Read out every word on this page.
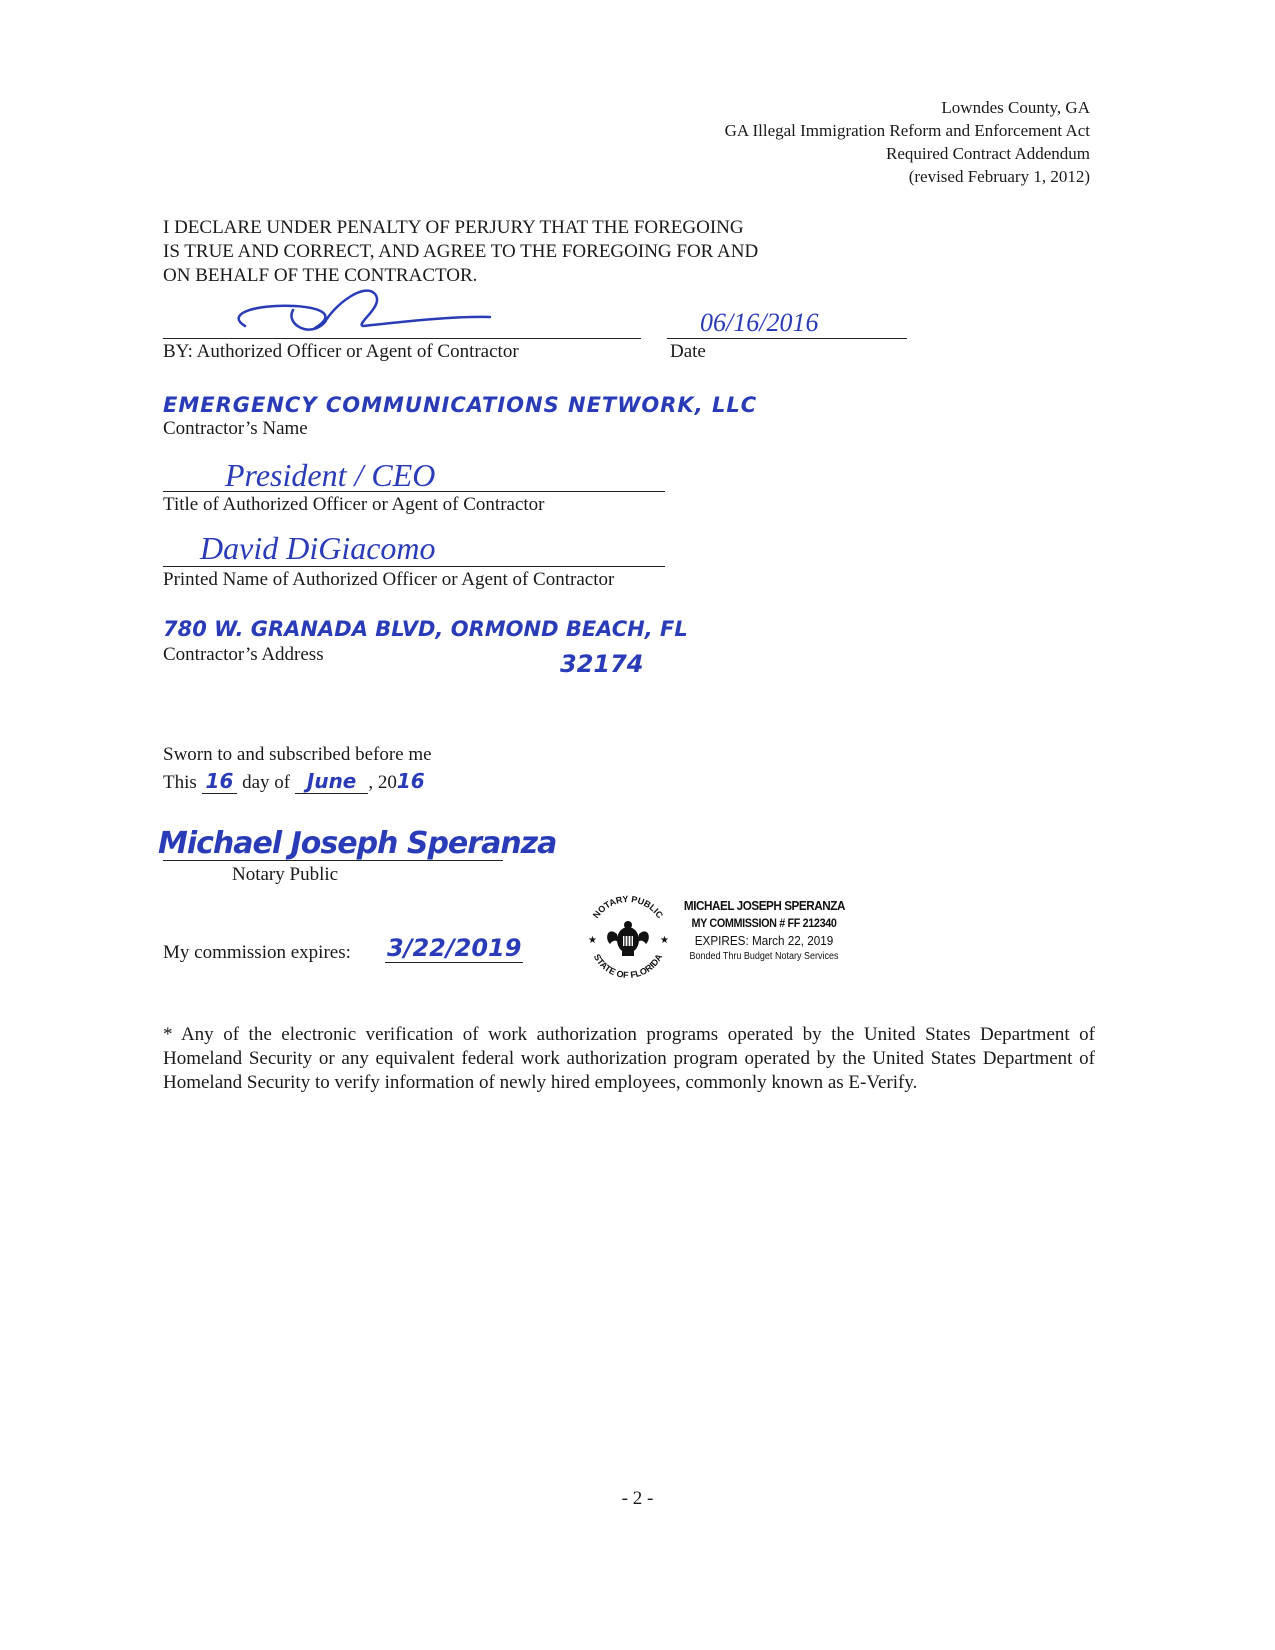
Lowndes County, GA
GA Illegal Immigration Reform and Enforcement Act
Required Contract Addendum
(revised February 1, 2012)
I DECLARE UNDER PENALTY OF PERJURY THAT THE FOREGOING
IS TRUE AND CORRECT, AND AGREE TO THE FOREGOING FOR AND
ON BEHALF OF THE CONTRACTOR.
BY: Authorized Officer or Agent of Contractor
06/16/2016
Date
EMERGENCY COMMUNICATIONS NETWORK, LLC
Contractor’s Name
President / CEO
Title of Authorized Officer or Agent of Contractor
David DiGiacomo
Printed Name of Authorized Officer or Agent of Contractor
780 W. GRANADA BLVD, ORMOND BEACH, FL
Contractor’s Address	32174
Sworn to and subscribed before me
This 16 day of June , 2016
Michael Joseph Speranza
Notary Public
My commission expires: 3/22/2019
NOTARY PUBLIC
STATE OF FLORIDA
★	★
MICHAEL JOSEPH SPERANZA
MY COMMISSION # FF 212340
EXPIRES: March 22, 2019
Bonded Thru Budget Notary Services
* Any of the electronic verification of work authorization programs operated by the United States Department of Homeland Security or any equivalent federal work authorization program operated by the United States Department of Homeland Security to verify information of newly hired employees, commonly known as E-Verify.
- 2 -
